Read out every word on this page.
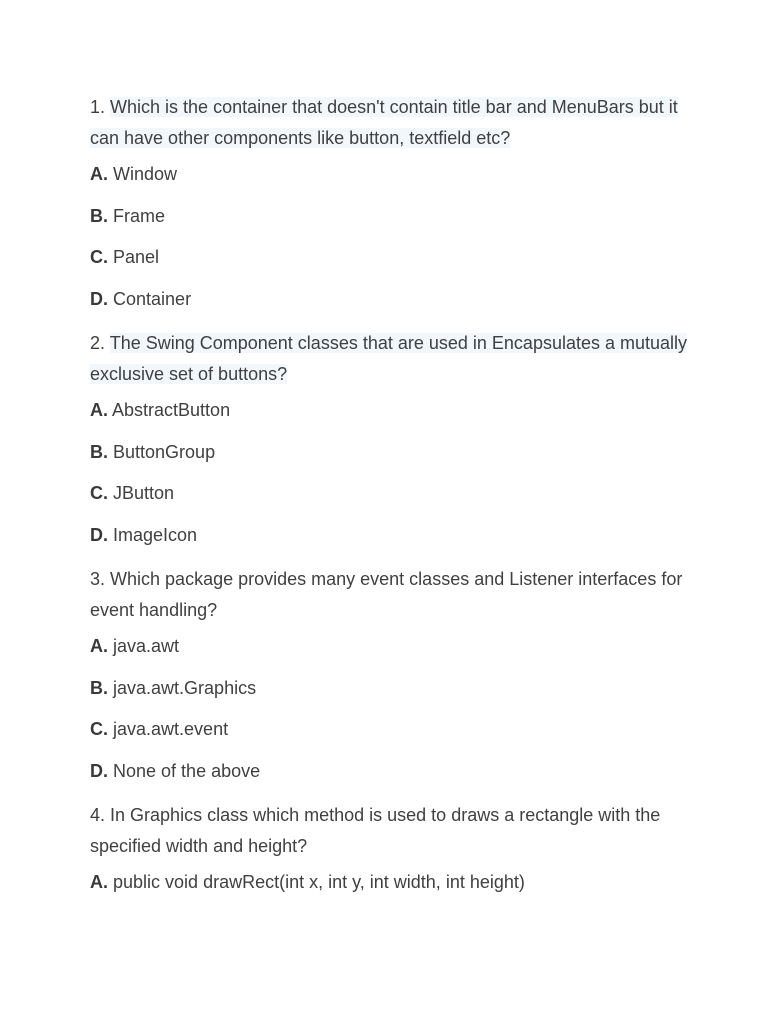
1. Which is the container that doesn't contain title bar and MenuBars but it can have other components like button, textfield etc?

A. Window
B. Frame
C. Panel
D. Container

2. The Swing Component classes that are used in Encapsulates a mutually exclusive set of buttons?

A. AbstractButton
B. ButtonGroup
C. JButton
D. ImageIcon

3. Which package provides many event classes and Listener interfaces for event handling?

A. java.awt
B. java.awt.Graphics
C. java.awt.event
D. None of the above

4. In Graphics class which method is used to draws a rectangle with the specified width and height?

A. public void drawRect(int x, int y, int width, int height)
